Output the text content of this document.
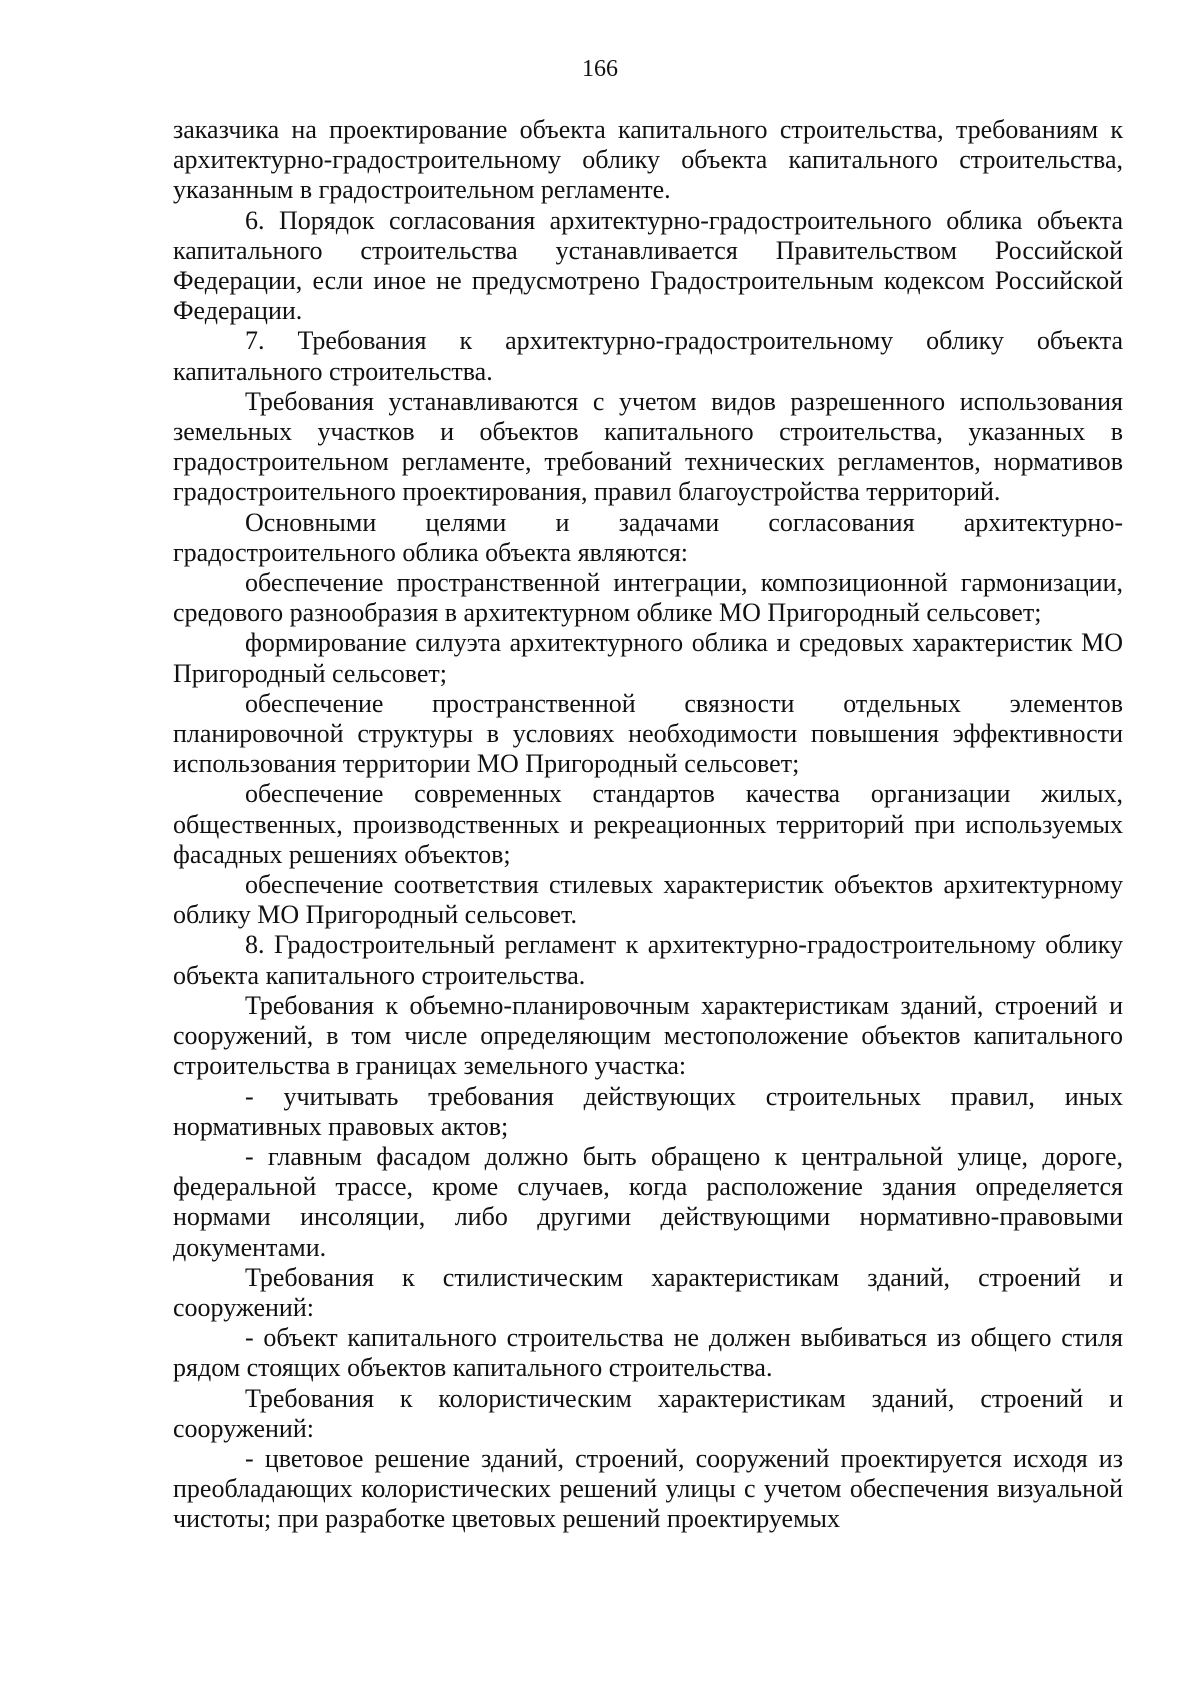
166

заказчика на проектирование объекта капитального строительства, требованиям к архитектурно-градостроительному облику объекта капитального строительства, указанным в градостроительном регламенте.

6. Порядок согласования архитектурно-градостроительного облика объекта капитального строительства устанавливается Правительством Российской Федерации, если иное не предусмотрено Градостроительным кодексом Российской Федерации.

7. Требования к архитектурно-градостроительному облику объекта капитального строительства.

Требования устанавливаются с учетом видов разрешенного использования земельных участков и объектов капитального строительства, указанных в градостроительном регламенте, требований технических регламентов, нормативов градостроительного проектирования, правил благоустройства территорий.

Основными целями и задачами согласования архитектурно-градостроительного облика объекта являются:

обеспечение пространственной интеграции, композиционной гармонизации, средового разнообразия в архитектурном облике МО Пригородный сельсовет;

формирование силуэта архитектурного облика и средовых характеристик МО Пригородный сельсовет;

обеспечение пространственной связности отдельных элементов планировочной структуры в условиях необходимости повышения эффективности использования территории МО Пригородный сельсовет;

обеспечение современных стандартов качества организации жилых, общественных, производственных и рекреационных территорий при используемых фасадных решениях объектов;

обеспечение соответствия стилевых характеристик объектов архитектурному облику МО Пригородный сельсовет.

8. Градостроительный регламент к архитектурно-градостроительному облику объекта капитального строительства.

Требования к объемно-планировочным характеристикам зданий, строений и сооружений, в том числе определяющим местоположение объектов капитального строительства в границах земельного участка:

- учитывать требования действующих строительных правил, иных нормативных правовых актов;

- главным фасадом должно быть обращено к центральной улице, дороге, федеральной трассе, кроме случаев, когда расположение здания определяется нормами инсоляции, либо другими действующими нормативно-правовыми документами.

Требования к стилистическим характеристикам зданий, строений и сооружений:

- объект капитального строительства не должен выбиваться из общего стиля рядом стоящих объектов капитального строительства.

Требования к колористическим характеристикам зданий, строений и сооружений:

- цветовое решение зданий, строений, сооружений проектируется исходя из преобладающих колористических решений улицы с учетом обеспечения визуальной чистоты; при разработке цветовых решений проектируемых
